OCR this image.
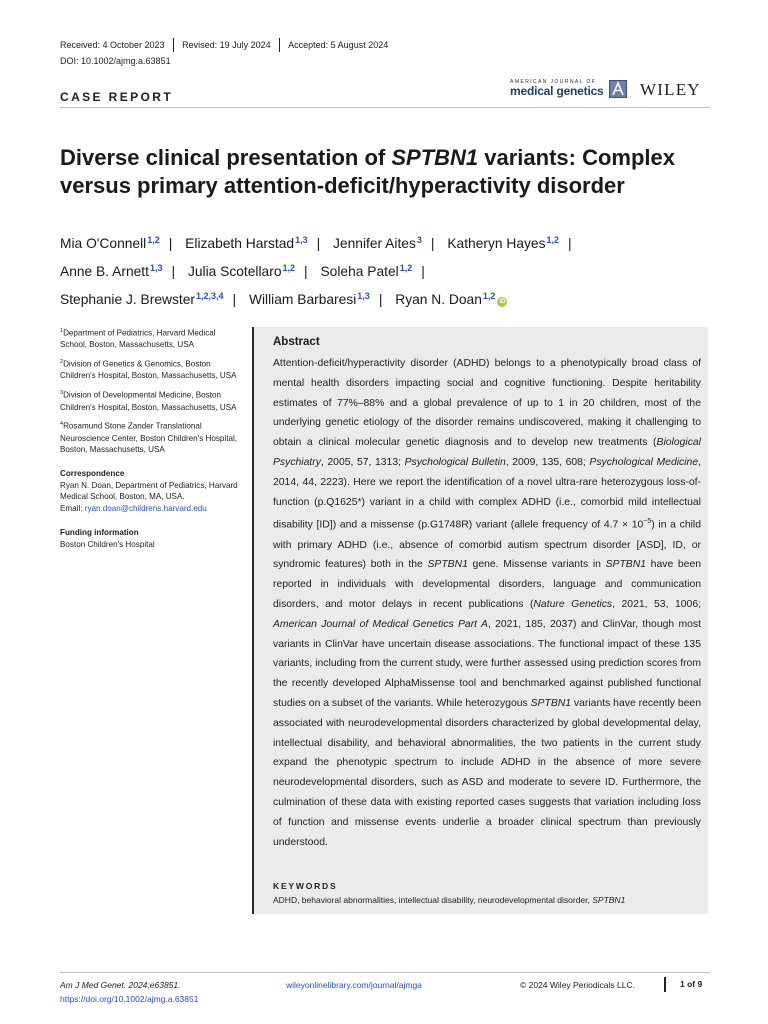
Received: 4 October 2023 Revised: 19 July 2024 Accepted: 5 August 2024
DOI: 10.1002/ajmg.a.63851
AMERICAN JOURNAL OF
medical genetics WILEY
CASE REPORT
Diverse clinical presentation of SPTBN1 variants: Complex versus primary attention-deficit/hyperactivity disorder
Mia O'Connell$^{1,2}$ | Elizabeth Harstad$^{1,3}$ | Jennifer Aites$^3$ | Katheryn Hayes$^{1,2}$ |
Anne B. Arnett$^{1,3}$ | Julia Scotellaro$^{1,2}$ | Soleha Patel$^{1,2}$ |
Stephanie J. Brewster$^{1,2,3,4}$ | William Barbaresi$^{1,3}$ | Ryan N. Doan$^{1,2}$iD
$^1$Department of Pediatrics, Harvard Medical School, Boston, Massachusetts, USA
$^2$Division of Genetics & Genomics, Boston Children's Hospital, Boston, Massachusetts, USA
$^3$Division of Developmental Medicine, Boston Children's Hospital, Boston, Massachusetts, USA
$^4$Rosamund Stone Zander Translational Neuroscience Center, Boston Children's Hospital, Boston, Massachusetts, USA
Correspondence
Ryan N. Doan, Department of Pediatrics, Harvard Medical School, Boston, MA, USA.
Email: ryan.doan@childrens.harvard.edu
Funding information
Boston Children's Hospital
Abstract
Attention-deficit/hyperactivity disorder (ADHD) belongs to a phenotypically broad class of mental health disorders impacting social and cognitive functioning. Despite heritability estimates of 77%–88% and a global prevalence of up to 1 in 20 children, most of the underlying genetic etiology of the disorder remains undiscovered, making it challenging to obtain a clinical molecular genetic diagnosis and to develop new treatments (Biological Psychiatry, 2005, 57, 1313; Psychological Bulletin, 2009, 135, 608; Psychological Medicine, 2014, 44, 2223). Here we report the identification of a novel ultra-rare heterozygous loss-of-function (p.Q1625*) variant in a child with complex ADHD (i.e., comorbid mild intellectual disability [ID]) and a missense (p.G1748R) variant (allele frequency of $4.7 \times 10^{-5}$) in a child with primary ADHD (i.e., absence of comorbid autism spectrum disorder [ASD], ID, or syndromic features) both in the SPTBN1 gene. Missense variants in SPTBN1 have been reported in individuals with developmental disorders, language and communication disorders, and motor delays in recent publications (Nature Genetics, 2021, 53, 1006; American Journal of Medical Genetics Part A, 2021, 185, 2037) and ClinVar, though most variants in ClinVar have uncertain disease associations. The functional impact of these 135 variants, including from the current study, were further assessed using prediction scores from the recently developed AlphaMissense tool and benchmarked against published functional studies on a subset of the variants. While heterozygous SPTBN1 variants have recently been associated with neurodevelopmental disorders characterized by global developmental delay, intellectual disability, and behavioral abnormalities, the two patients in the current study expand the phenotypic spectrum to include ADHD in the absence of more severe neurodevelopmental disorders, such as ASD and moderate to severe ID. Furthermore, the culmination of these data with existing reported cases suggests that variation including loss of function and missense events underlie a broader clinical spectrum than previously understood.
KEYWORDS
ADHD, behavioral abnormalities, intellectual disability, neurodevelopmental disorder, SPTBN1
Am J Med Genet. 2024;e63851.
https://doi.org/10.1002/ajmg.a.63851
wileyonlinelibrary.com/journal/ajmga	© 2024 Wiley Periodicals LLC.	1 of 9
